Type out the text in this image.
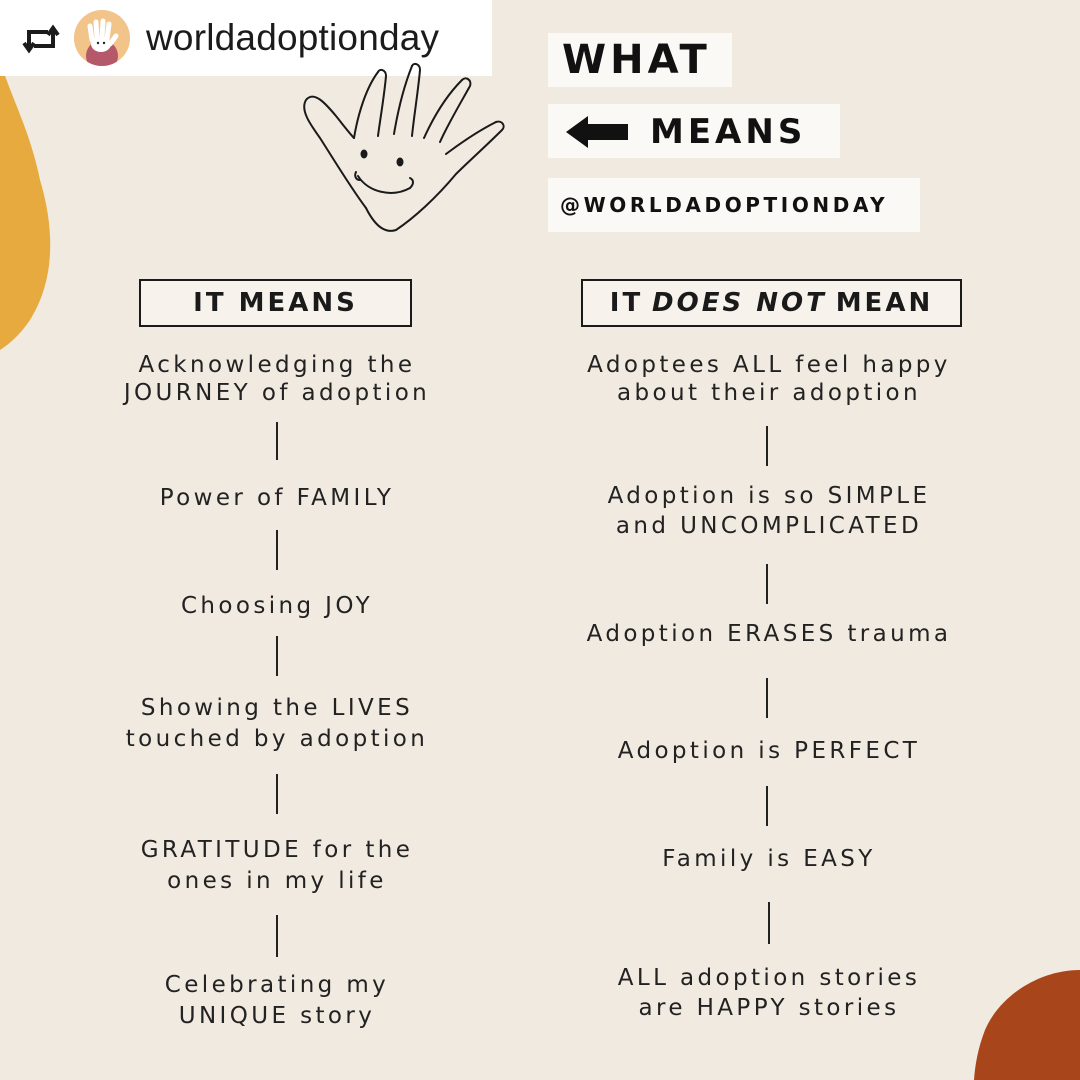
worldadoptionday	WHAT
MEANS
@WORLDADOPTIONDAY
IT MEANS	IT DOES NOT MEAN
Acknowledging the
JOURNEY of adoption
Power of FAMILY
Choosing JOY
Showing the LIVES
touched by adoption
GRATITUDE for the
ones in my life
Celebrating my
UNIQUE story
Adoptees ALL feel happy
about their adoption
Adoption is so SIMPLE
and UNCOMPLICATED
Adoption ERASES trauma
Adoption is PERFECT
Family is EASY
ALL adoption stories
are HAPPY stories
